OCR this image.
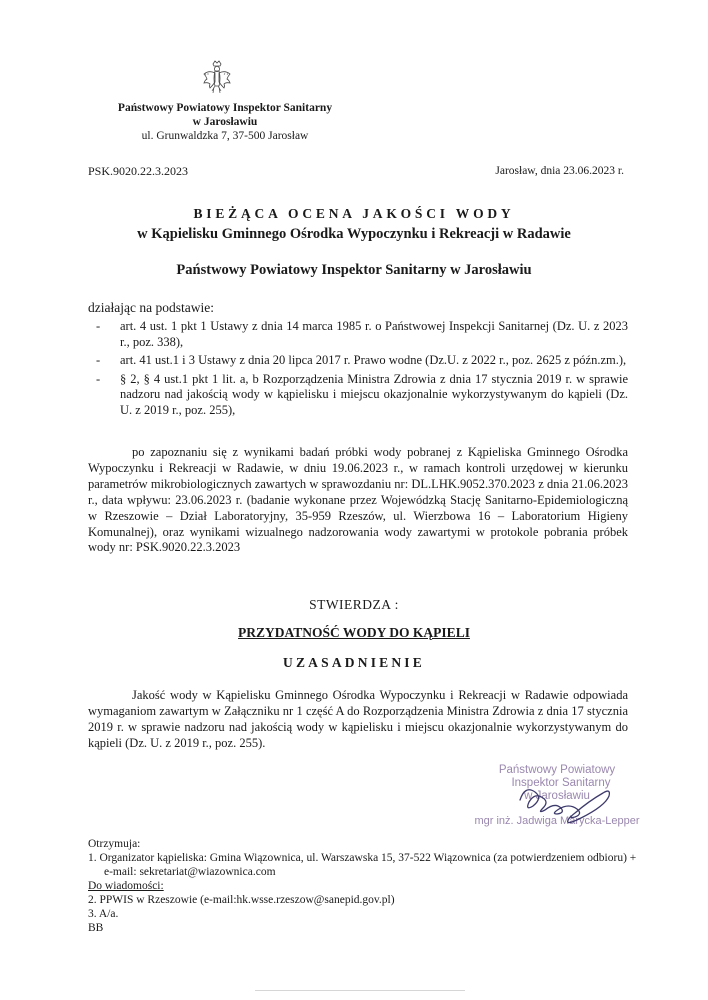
Państwowy Powiatowy Inspektor Sanitarny
w Jarosławiu
ul. Grunwaldzka 7, 37-500 Jarosław
PSK.9020.22.3.2023	Jarosław, dnia 23.06.2023 r.
BIEŻĄCA OCENA JAKOŚCI WODY
w Kąpielisku Gminnego Ośrodka Wypoczynku i Rekreacji w Radawie
Państwowy Powiatowy Inspektor Sanitarny w Jarosławiu
działając na podstawie:
- art. 4 ust. 1 pkt 1 Ustawy z dnia 14 marca 1985 r. o Państwowej Inspekcji Sanitarnej (Dz. U. z 2023 r., poz. 338),
- art. 41 ust.1 i 3 Ustawy z dnia 20 lipca 2017 r. Prawo wodne (Dz.U. z 2022 r., poz. 2625 z późn.zm.),
- § 2, § 4 ust.1 pkt 1 lit. a, b Rozporządzenia Ministra Zdrowia z dnia 17 stycznia 2019 r. w sprawie nadzoru nad jakością wody w kąpielisku i miejscu okazjonalnie wykorzystywanym do kąpieli (Dz. U. z 2019 r., poz. 255),
po zapoznaniu się z wynikami badań próbki wody pobranej z Kąpieliska Gminnego Ośrodka Wypoczynku i Rekreacji w Radawie, w dniu 19.06.2023 r., w ramach kontroli urzędowej w kierunku parametrów mikrobiologicznych zawartych w sprawozdaniu nr: DL.LHK.9052.370.2023 z dnia 21.06.2023 r., data wpływu: 23.06.2023 r. (badanie wykonane przez Wojewódzką Stację Sanitarno-Epidemiologiczną w Rzeszowie – Dział Laboratoryjny, 35-959 Rzeszów, ul. Wierzbowa 16 – Laboratorium Higieny Komunalnej), oraz wynikami wizualnego nadzorowania wody zawartymi w protokole pobrania próbek wody nr: PSK.9020.22.3.2023
STWIERDZA :
PRZYDATNOŚĆ WODY DO KĄPIELI
UZASADNIENIE
Jakość wody w Kąpielisku Gminnego Ośrodka Wypoczynku i Rekreacji w Radawie odpowiada wymaganiom zawartym w Załączniku nr 1 część A do Rozporządzenia Ministra Zdrowia z dnia 17 stycznia 2019 r. w sprawie nadzoru nad jakością wody w kąpielisku i miejscu okazjonalnie wykorzystywanym do kąpieli (Dz. U. z 2019 r., poz. 255).
Państwowy Powiatowy
Inspektor Sanitarny
w Jarosławiu
mgr inż. Jadwiga Marycka-Lepper
Otrzymuja:
1. Organizator kąpieliska: Gmina Wiązownica, ul. Warszawska 15, 37-522 Wiązownica (za potwierdzeniem odbioru) + e-mail: sekretariat@wiazownica.com
Do wiadomości:
2. PPWIS w Rzeszowie (e-mail:hk.wsse.rzeszow@sanepid.gov.pl)
3. A/a.
BB
